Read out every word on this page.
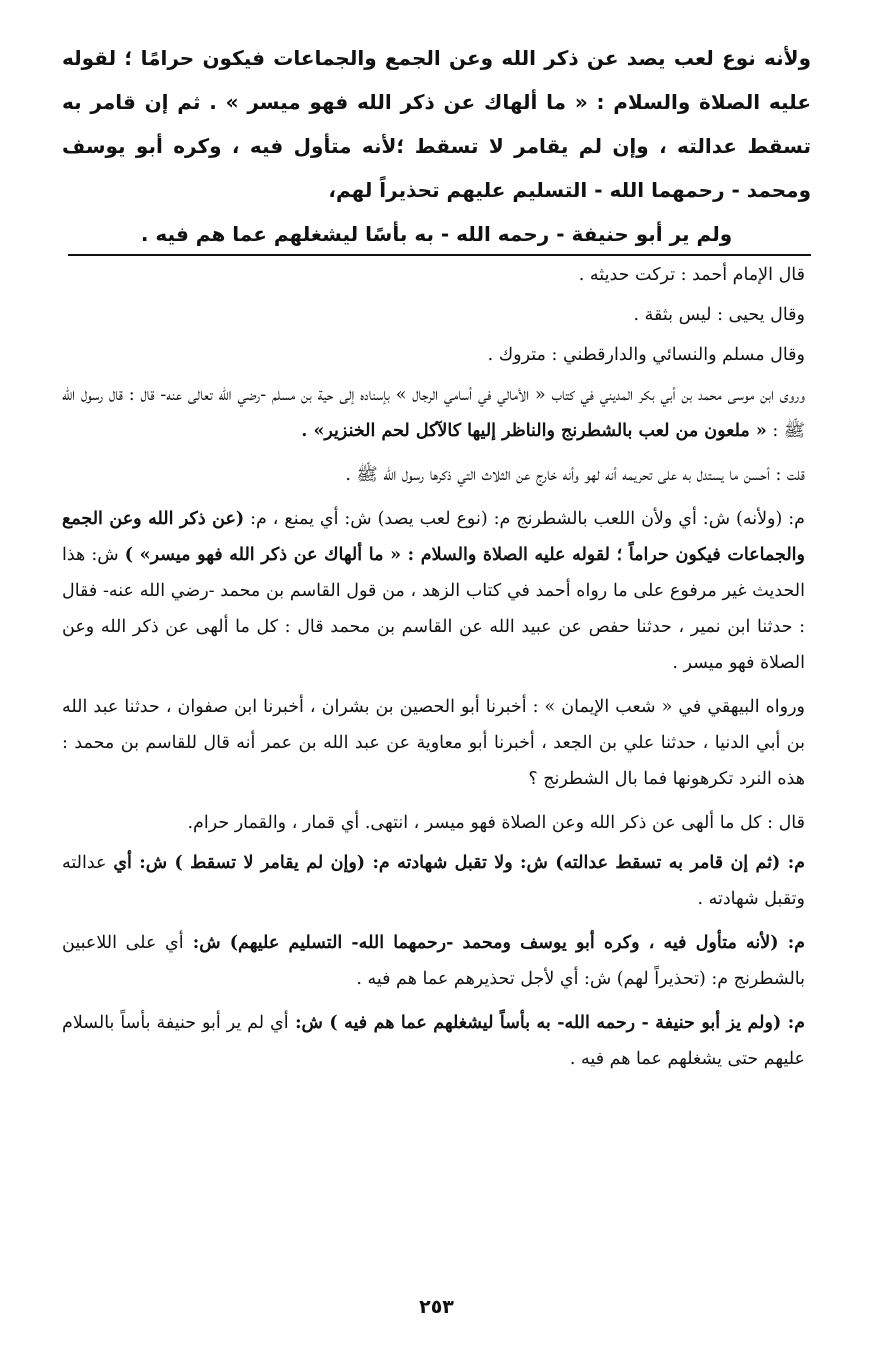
ولأنه نوع لعب يصد عن ذكر الله وعن الجمع والجماعات فيكون حرامًا ؛ لقوله عليه الصلاة والسلام : « ما ألهاك عن ذكر الله فهو ميسر » . ثم إن قامر به تسقط عدالته ، وإن لم يقامر لا تسقط ؛لأنه متأول فيه ، وكره أبو يوسف ومحمد - رحمهما الله - التسليم عليهم تحذيراً لهم،

ولم ير أبو حنيفة - رحمه الله - به بأسًا ليشغلهم عما هم فيه .

قال الإمام أحمد : تركت حديثه .

وقال يحيى : ليس بثقة .

وقال مسلم والنسائي والدارقطني : متروك .

وروى ابن موسى محمد بن أبي بكر المديني في كتاب « الأمالي في أسامي الرجال » بإسناده إلى حية بن مسلم -رضي الله تعالى عنه- قال : قال رسول الله ﷺ : « ملعون من لعب بالشطرنج والناظر إليها كالآكل لحم الخنزير» .

قلت : أحسن ما يستدل به على تحريمه أنه لهو وأنه خارج عن الثلاث التي ذكرها رسول الله ﷺ .

م: (ولأنه) ش: أي ولأن اللعب بالشطرنج م: (نوع لعب يصد) ش: أي يمنع ، م: (عن ذكر الله وعن الجمع والجماعات فيكون حراماً ؛ لقوله عليه الصلاة والسلام : « ما ألهاك عن ذكر الله فهو ميسر» ) ش: هذا الحديث غير مرفوع على ما رواه أحمد في كتاب الزهد ، من قول القاسم بن محمد -رضي الله عنه- فقال : حدثنا ابن نمير ، حدثنا حفص عن عبيد الله عن القاسم بن محمد قال : كل ما ألهى عن ذكر الله وعن الصلاة فهو ميسر .

ورواه البيهقي في « شعب الإيمان » : أخبرنا أبو الحصين بن بشران ، أخبرنا ابن صفوان ، حدثنا عبد الله بن أبي الدنيا ، حدثنا علي بن الجعد ، أخبرنا أبو معاوية عن عبد الله بن عمر أنه قال للقاسم بن محمد : هذه النرد تكرهونها فما بال الشطرنج ؟

قال : كل ما ألهى عن ذكر الله وعن الصلاة فهو ميسر ، انتهى. أي قمار ، والقمار حرام.

م: (ثم إن قامر به تسقط عدالته) ش: ولا تقبل شهادته م: (وإن لم يقامر لا تسقط ) ش: أي عدالته وتقبل شهادته .

م: (لأنه متأول فيه ، وكره أبو يوسف ومحمد -رحمهما الله- التسليم عليهم) ش: أي على اللاعبين بالشطرنج م: (تحذيراً لهم) ش: أي لأجل تحذيرهم عما هم فيه .

م: (ولم يز أبو حنيفة - رحمه الله- به بأساً ليشغلهم عما هم فيه ) ش: أي لم ير أبو حنيفة بأساً بالسلام عليهم حتى يشغلهم عما هم فيه .

٢٥٣
